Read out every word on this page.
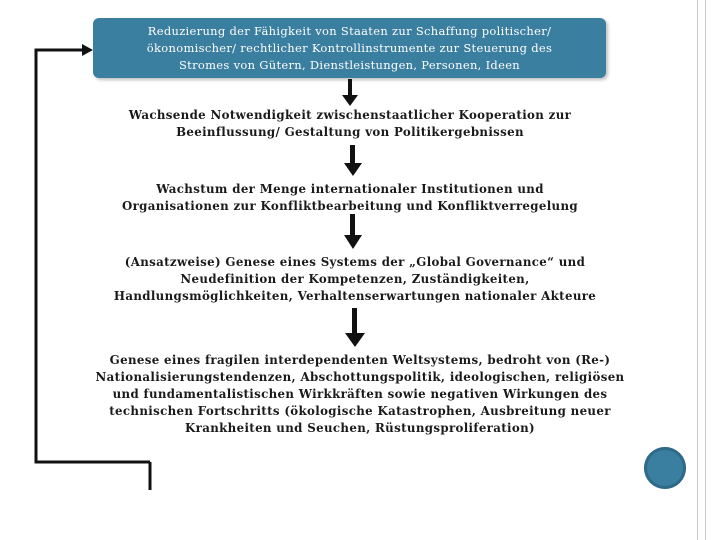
Reduzierung der Fähigkeit von Staaten zur Schaffung politischer/
ökonomischer/ rechtlicher Kontrollinstrumente zur Steuerung des
Stromes von Gütern, Dienstleistungen, Personen, Ideen
Wachsende Notwendigkeit zwischenstaatlicher Kooperation zur
Beeinflussung/ Gestaltung von Politikergebnissen
Wachstum der Menge internationaler Institutionen und
Organisationen zur Konfliktbearbeitung und Konfliktverregelung
(Ansatzweise) Genese eines Systems der „Global Governance“ und
Neudefinition der Kompetenzen, Zuständigkeiten,
Handlungsmöglichkeiten, Verhaltenserwartungen nationaler Akteure
Genese eines fragilen interdependenten Weltsystems, bedroht von (Re-)
Nationalisierungstendenzen, Abschottungspolitik, ideologischen, religiösen
und fundamentalistischen Wirkkräften sowie negativen Wirkungen des
technischen Fortschritts (ökologische Katastrophen, Ausbreitung neuer
Krankheiten und Seuchen, Rüstungsproliferation)
